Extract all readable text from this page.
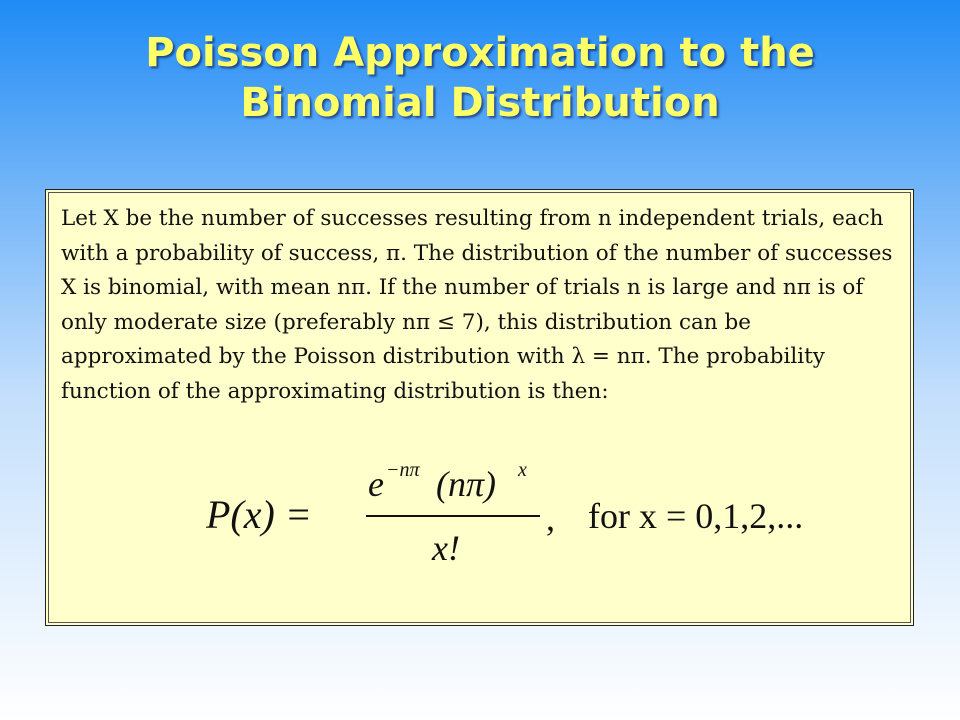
Poisson Approximation to the
Binomial Distribution
Let X be the number of successes resulting from n independent trials, each with a probability of success, π. The distribution of the number of successes X is binomial, with mean nπ. If the number of trials n is large and nπ is of only moderate size (preferably nπ ≤ 7), this distribution can be approximated by the Poisson distribution with λ = nπ. The probability function of the approximating distribution is then:
P(x) =
e −nπ (nπ) x
x!
, for x = 0,1,2,...
